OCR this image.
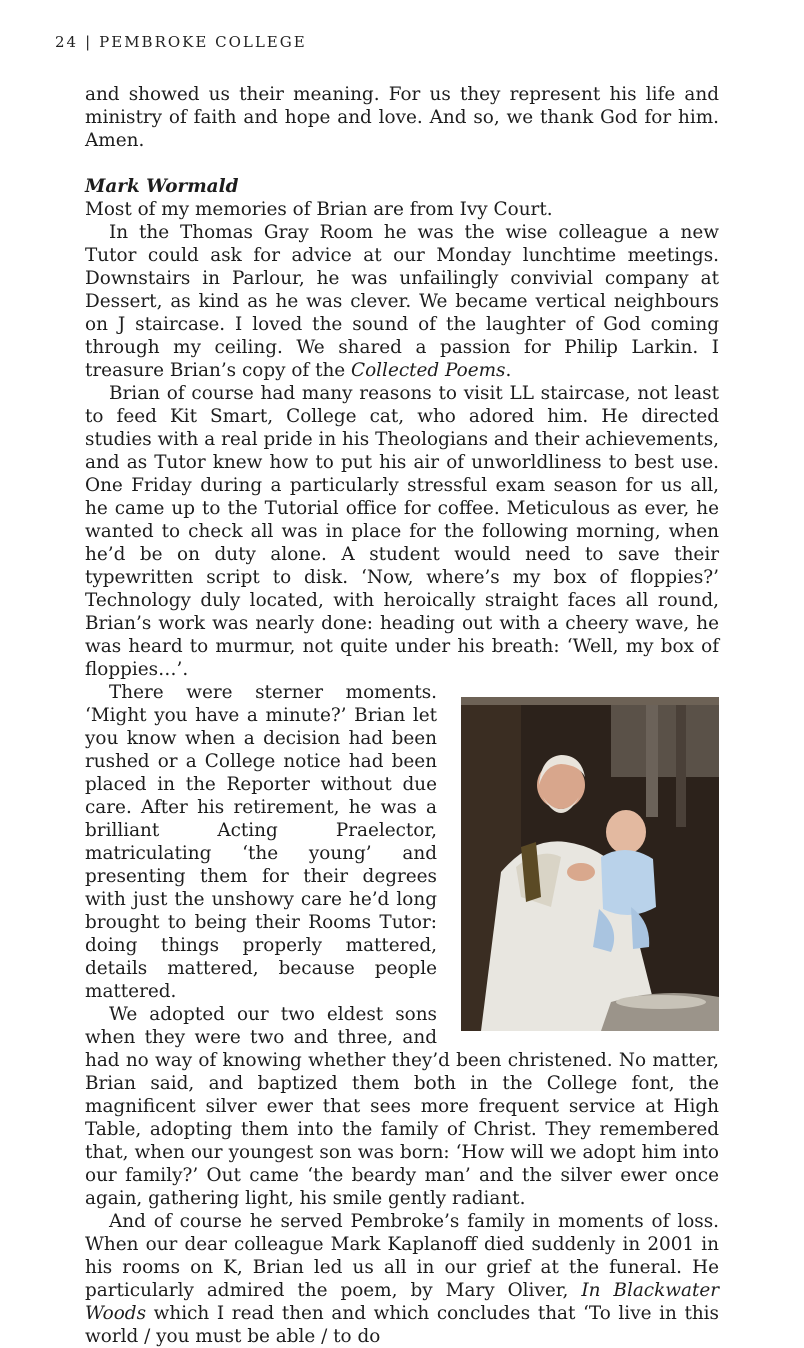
24 | PEMBROKE COLLEGE

and showed us their meaning. For us they represent his life and ministry of faith and hope and love. And so, we thank God for him. Amen.

Mark Wormald

Most of my memories of Brian are from Ivy Court.

In the Thomas Gray Room he was the wise colleague a new Tutor could ask for advice at our Monday lunchtime meetings. Downstairs in Parlour, he was unfailingly convivial company at Dessert, as kind as he was clever. We became vertical neighbours on J staircase. I loved the sound of the laughter of God coming through my ceiling. We shared a passion for Philip Larkin. I treasure Brian’s copy of the Collected Poems.

Brian of course had many reasons to visit LL staircase, not least to feed Kit Smart, College cat, who adored him. He directed studies with a real pride in his Theologians and their achievements, and as Tutor knew how to put his air of unworldliness to best use. One Friday during a particularly stressful exam season for us all, he came up to the Tutorial office for coffee. Meticulous as ever, he wanted to check all was in place for the following morning, when he’d be on duty alone. A student would need to save their typewritten script to disk. ‘Now, where’s my box of floppies?’ Technology duly located, with heroically straight faces all round, Brian’s work was nearly done: heading out with a cheery wave, he was heard to murmur, not quite under his breath: ‘Well, my box of floppies…’.

There were sterner moments. ‘Might you have a minute?’ Brian let you know when a decision had been rushed or a College notice had been placed in the Reporter without due care. After his retirement, he was a brilliant Acting Praelector, matriculating ‘the young’ and presenting them for their degrees with just the unshowy care he’d long brought to being their Rooms Tutor: doing things properly mattered, details mattered, because people mattered.

We adopted our two eldest sons when they were two and three, and had no way of knowing whether they’d been christened. No matter, Brian said, and baptized them both in the College font, the magnificent silver ewer that sees more frequent service at High Table, adopting them into the family of Christ. They remembered that, when our youngest son was born: ‘How will we adopt him into our family?’ Out came ‘the beardy man’ and the silver ewer once again, gathering light, his smile gently radiant.

And of course he served Pembroke’s family in moments of loss. When our dear colleague Mark Kaplanoff died suddenly in 2001 in his rooms on K, Brian led us all in our grief at the funeral. He particularly admired the poem, by Mary Oliver, In Blackwater Woods which I read then and which concludes that ‘To live in this world / you must be able / to do
